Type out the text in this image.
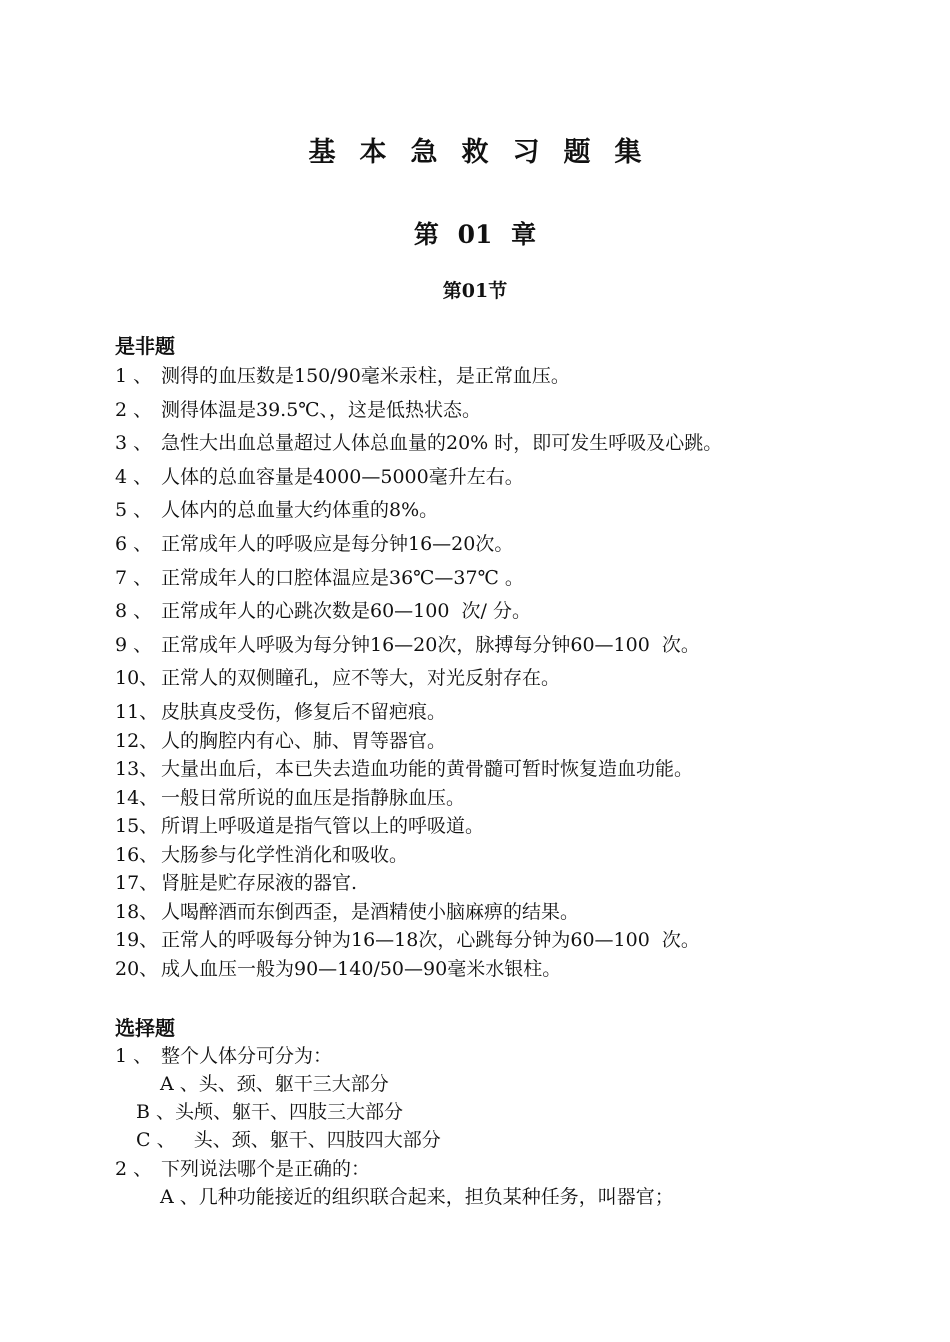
基本急救习题集
第 01 章
第01节
是非题
1 、 测得的血压数是150/90毫米汞柱，是正常血压。
2 、 测得体温是39.5℃、，这是低热状态。
3 、 急性大出血总量超过人体总血量的20% 时，即可发生呼吸及心跳。
4 、 人体的总血容量是4000—5000毫升左右。
5 、 人体内的总血量大约体重的8%。
6 、 正常成年人的呼吸应是每分钟16—20次。
7 、 正常成年人的口腔体温应是36℃—37℃ 。
8 、 正常成年人的心跳次数是60—100  次/ 分。
9 、 正常成年人呼吸为每分钟16—20次，脉搏每分钟60—100  次。
10、 正常人的双侧瞳孔，应不等大，对光反射存在。
11、 皮肤真皮受伤，修复后不留疤痕。
12、 人的胸腔内有心、肺、胃等器官。
13、 大量出血后，本已失去造血功能的黄骨髓可暂时恢复造血功能。
14、 一般日常所说的血压是指静脉血压。
15、 所谓上呼吸道是指气管以上的呼吸道。
16、 大肠参与化学性消化和吸收。
17、 肾脏是贮存尿液的器官.
18、 人喝醉酒而东倒西歪，是酒精使小脑麻痹的结果。
19、 正常人的呼吸每分钟为16—18次，心跳每分钟为60—100  次。
20、 成人血压一般为90—140/50—90毫米水银柱。
选择题
1 、 整个人体分可分为：
A 、头、颈、躯干三大部分
B 、头颅、躯干、四肢三大部分
C 、   头、颈、躯干、四肢四大部分
2 、 下列说法哪个是正确的：
A 、几种功能接近的组织联合起来，担负某种任务，叫器官；
